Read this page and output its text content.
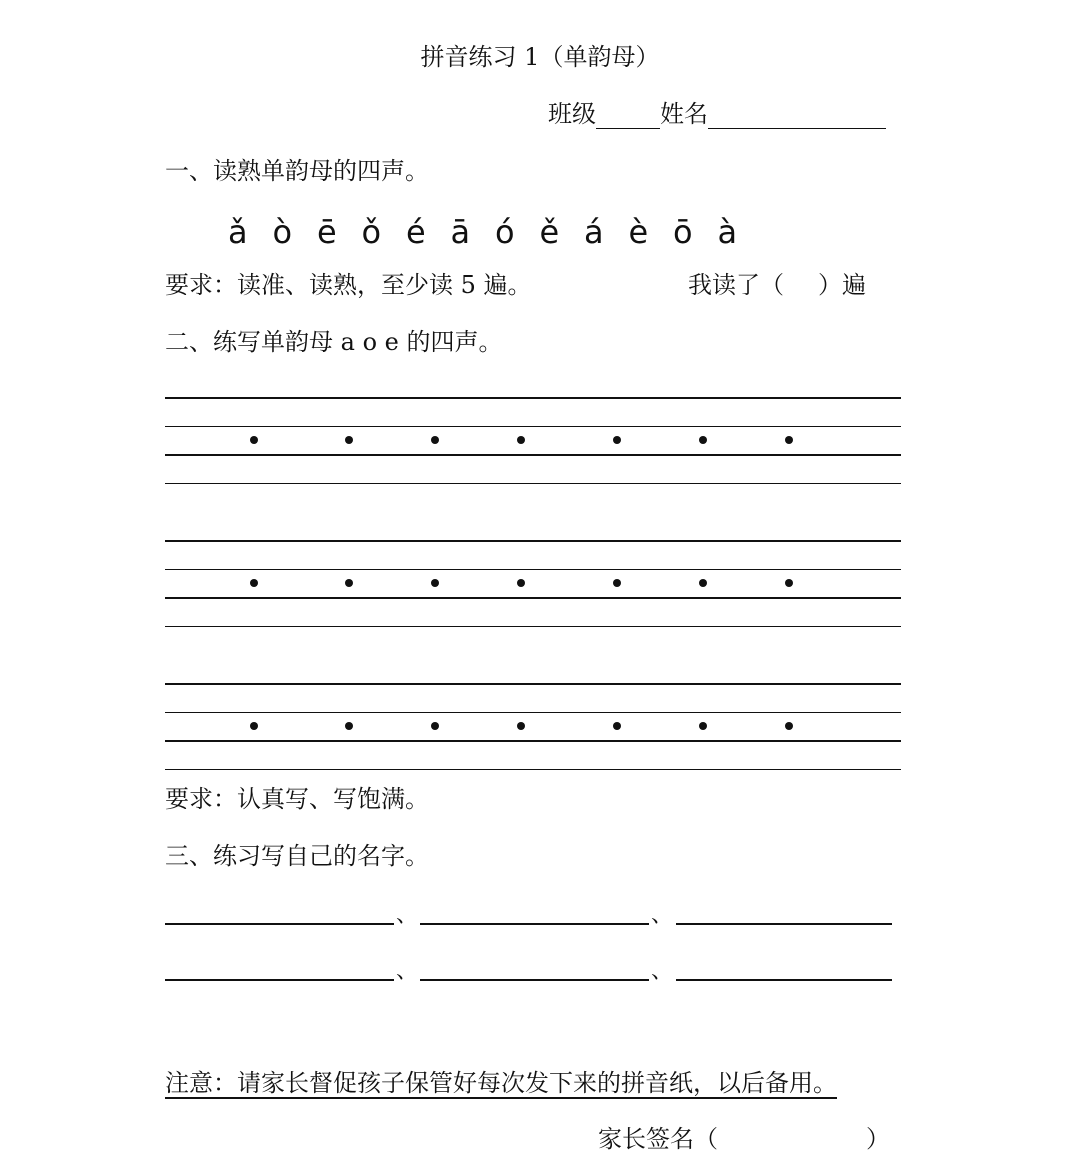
拼音练习 1（单韵母）
班级	姓名
一、读熟单韵母的四声。
ǎ ò ē ǒ é ā ó ě á è ō à
要求：读准、读熟，至少读 5 遍。	我读了（ ）遍
二、练写单韵母 a o e 的四声。
要求：认真写、写饱满。
三、练习写自己的名字。
、	、
、	、
注意：请家长督促孩子保管好每次发下来的拼音纸，以后备用。
家长签名（	）
